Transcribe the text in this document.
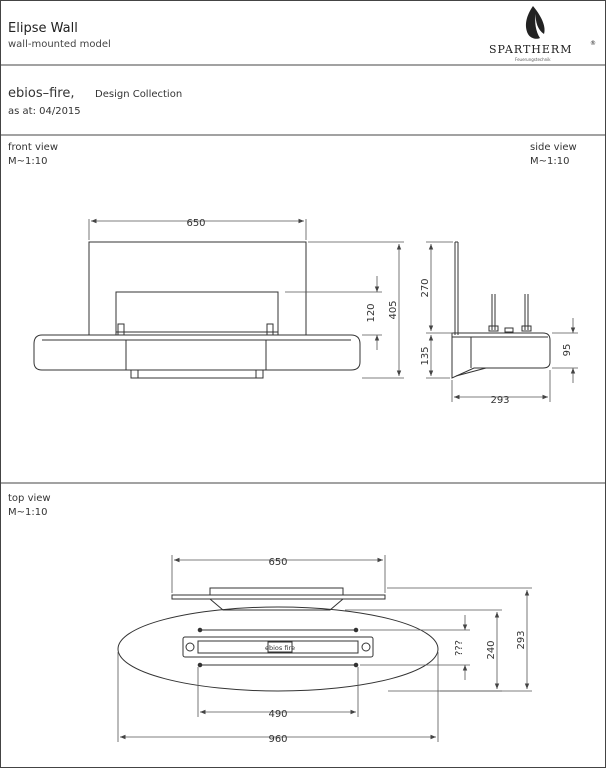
120 405
270
135	95
??? 240
293
650
293
650
490
960
ebios fire
Elipse Wall
wall-mounted model	SPARTHERM	®
Feuerungstechnik
ebios–fire, Design Collection
as at: 04/2015
front view
M~1:10
side view
M~1:10
top view
M~1:10
